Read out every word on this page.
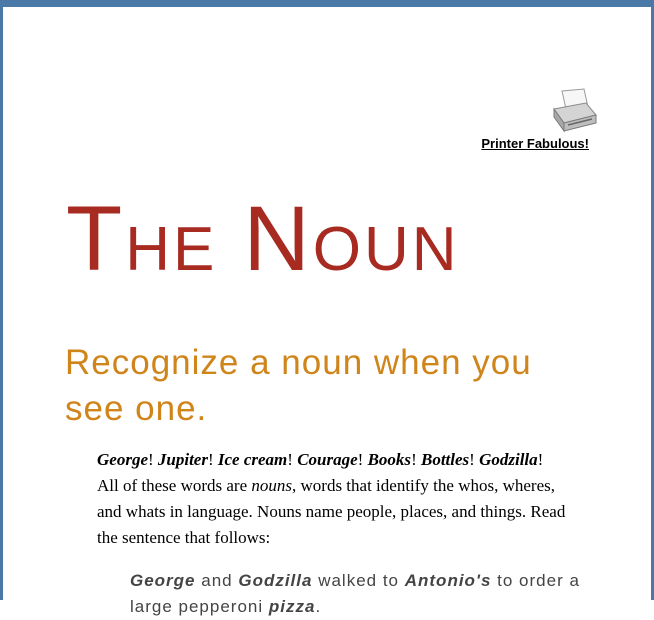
Printer Fabulous!
THE NOUN
Recognize a noun when you see one.

George! Jupiter! Ice cream! Courage! Books! Bottles! Godzilla! All of these words are nouns, words that identify the whos, wheres, and whats in language. Nouns name people, places, and things. Read the sentence that follows:

George and Godzilla walked to Antonio's to order a large pepperoni pizza.
